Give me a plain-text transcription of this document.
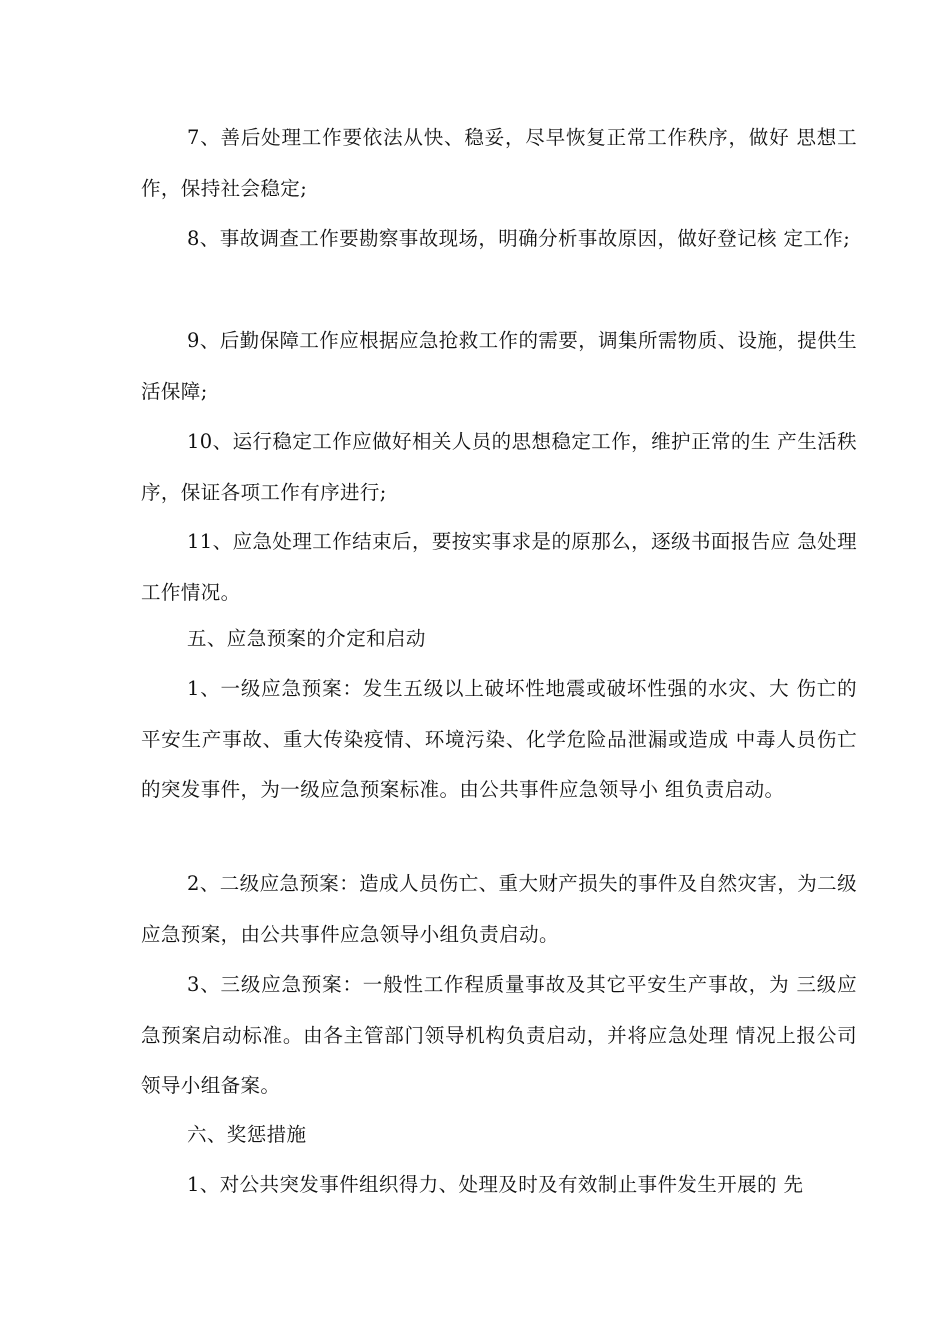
7、善后处理工作要依法从快、稳妥，尽早恢复正常工作秩序，做好 思想工作，保持社会稳定;

8、事故调查工作要勘察事故现场，明确分析事故原因，做好登记核 定工作;

9、后勤保障工作应根据应急抢救工作的需要，调集所需物质、设施，提供生活保障;

10、运行稳定工作应做好相关人员的思想稳定工作，维护正常的生 产生活秩序，保证各项工作有序进行;

11、应急处理工作结束后，要按实事求是的原那么，逐级书面报告应 急处理工作情况。

五、应急预案的介定和启动

1、一级应急预案：发生五级以上破坏性地震或破坏性强的水灾、大 伤亡的平安生产事故、重大传染疫情、环境污染、化学危险品泄漏或造成 中毒人员伤亡的突发事件，为一级应急预案标准。由公共事件应急领导小 组负责启动。

2、二级应急预案：造成人员伤亡、重大财产损失的事件及自然灾害，为二级应急预案，由公共事件应急领导小组负责启动。

3、三级应急预案：一般性工作程质量事故及其它平安生产事故，为 三级应急预案启动标准。由各主管部门领导机构负责启动，并将应急处理 情况上报公司领导小组备案。

六、奖惩措施

1、对公共突发事件组织得力、处理及时及有效制止事件发生开展的 先
